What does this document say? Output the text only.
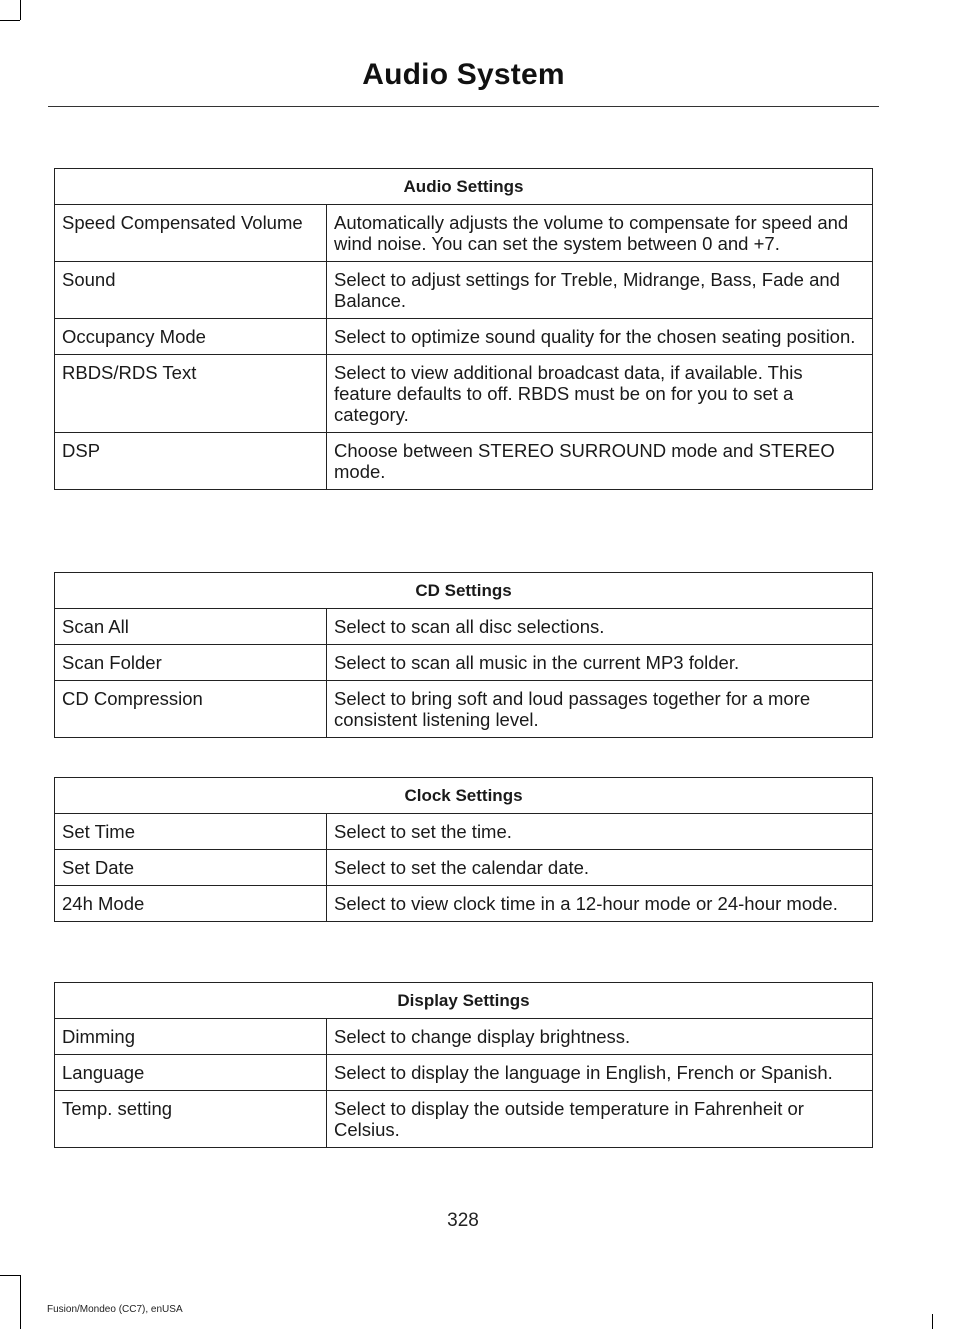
Audio System
Audio Settings	
Speed Compensated Volume	Automatically adjusts the volume to compensate for speed and wind noise. You can set the system between 0 and +7.
Sound	Select to adjust settings for Treble, Midrange, Bass, Fade and Balance.
Occupancy Mode	Select to optimize sound quality for the chosen seating position.
RBDS/RDS Text	Select to view additional broadcast data, if available. This feature defaults to off. RBDS must be on for you to set a category.
DSP	Choose between STEREO SURROUND mode and STEREO mode.
CD Settings	
Scan All	Select to scan all disc selections.
Scan Folder	Select to scan all music in the current MP3 folder.
CD Compression	Select to bring soft and loud passages together for a more consistent listening level.
Clock Settings	
Set Time	Select to set the time.
Set Date	Select to set the calendar date.
24h Mode	Select to view clock time in a 12-hour mode or 24-hour mode.
Display Settings	
Dimming	Select to change display brightness.
Language	Select to display the language in English, French or Spanish.
Temp. setting	Select to display the outside temperature in Fahrenheit or Celsius.
328
Fusion/Mondeo (CC7), enUSA
